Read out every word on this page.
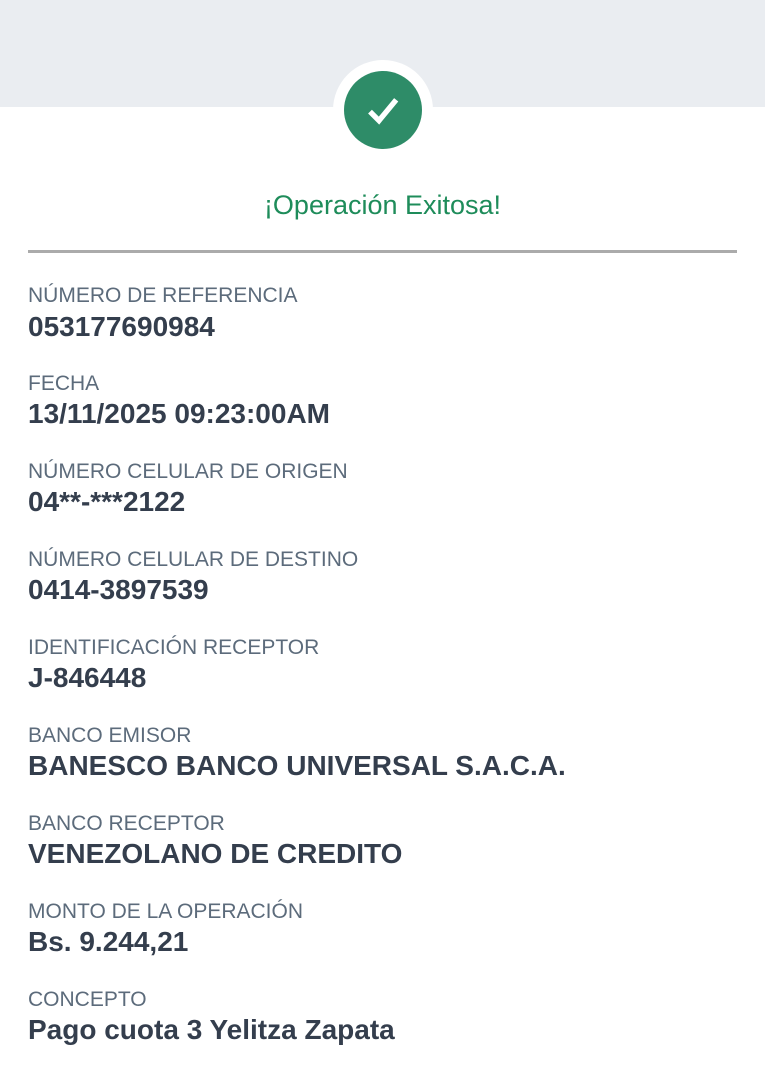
¡Operación Exitosa!
NÚMERO DE REFERENCIA
053177690984
FECHA
13/11/2025 09:23:00AM
NÚMERO CELULAR DE ORIGEN
04**-***2122
NÚMERO CELULAR DE DESTINO
0414-3897539
IDENTIFICACIÓN RECEPTOR
J-846448
BANCO EMISOR
BANESCO BANCO UNIVERSAL S.A.C.A.
BANCO RECEPTOR
VENEZOLANO DE CREDITO
MONTO DE LA OPERACIÓN
Bs. 9.244,21
CONCEPTO
Pago cuota 3 Yelitza Zapata
